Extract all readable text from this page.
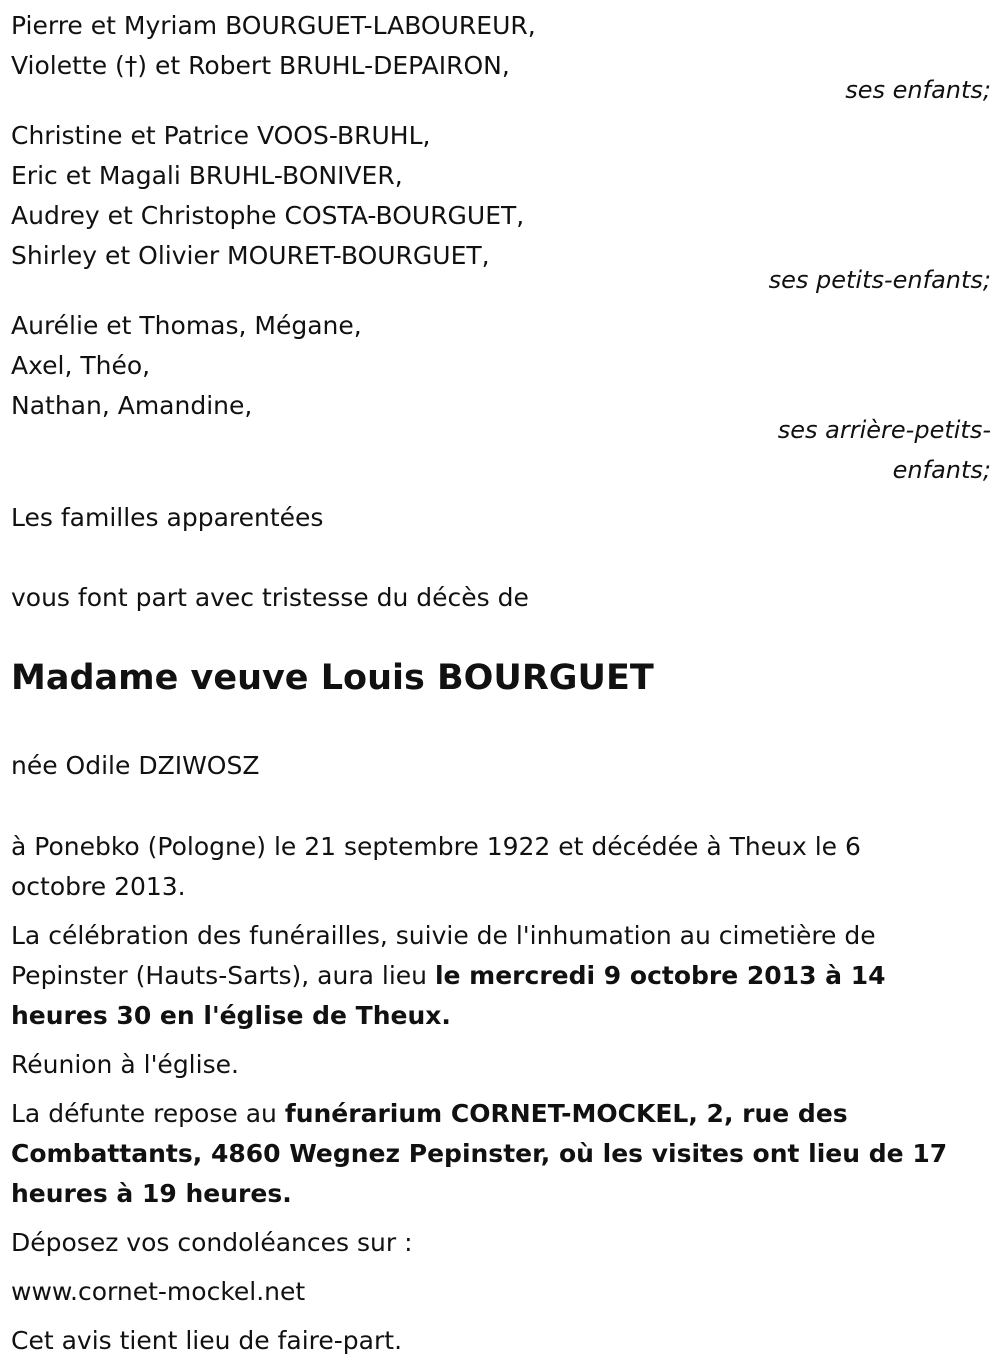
Pierre et Myriam BOURGUET-LABOUREUR,
Violette (†) et Robert BRUHL-DEPAIRON,
ses enfants;
Christine et Patrice VOOS-BRUHL,
Eric et Magali BRUHL-BONIVER,
Audrey et Christophe COSTA-BOURGUET,
Shirley et Olivier MOURET-BOURGUET,
ses petits-enfants;
Aurélie et Thomas, Mégane,
Axel, Théo,
Nathan, Amandine,
ses arrière-petits-
enfants;
Les familles apparentées
vous font part avec tristesse du décès de
Madame veuve Louis BOURGUET
née Odile DZIWOSZ
à Ponebko (Pologne) le 21 septembre 1922 et décédée à Theux le 6
octobre 2013.
La célébration des funérailles, suivie de l'inhumation au cimetière de
Pepinster (Hauts-Sarts), aura lieu le mercredi 9 octobre 2013 à 14
heures 30 en l'église de Theux.
Réunion à l'église.
La défunte repose au funérarium CORNET-MOCKEL, 2, rue des
Combattants, 4860 Wegnez Pepinster, où les visites ont lieu de 17
heures à 19 heures.
Déposez vos condoléances sur :
www.cornet-mockel.net
Cet avis tient lieu de faire-part.
